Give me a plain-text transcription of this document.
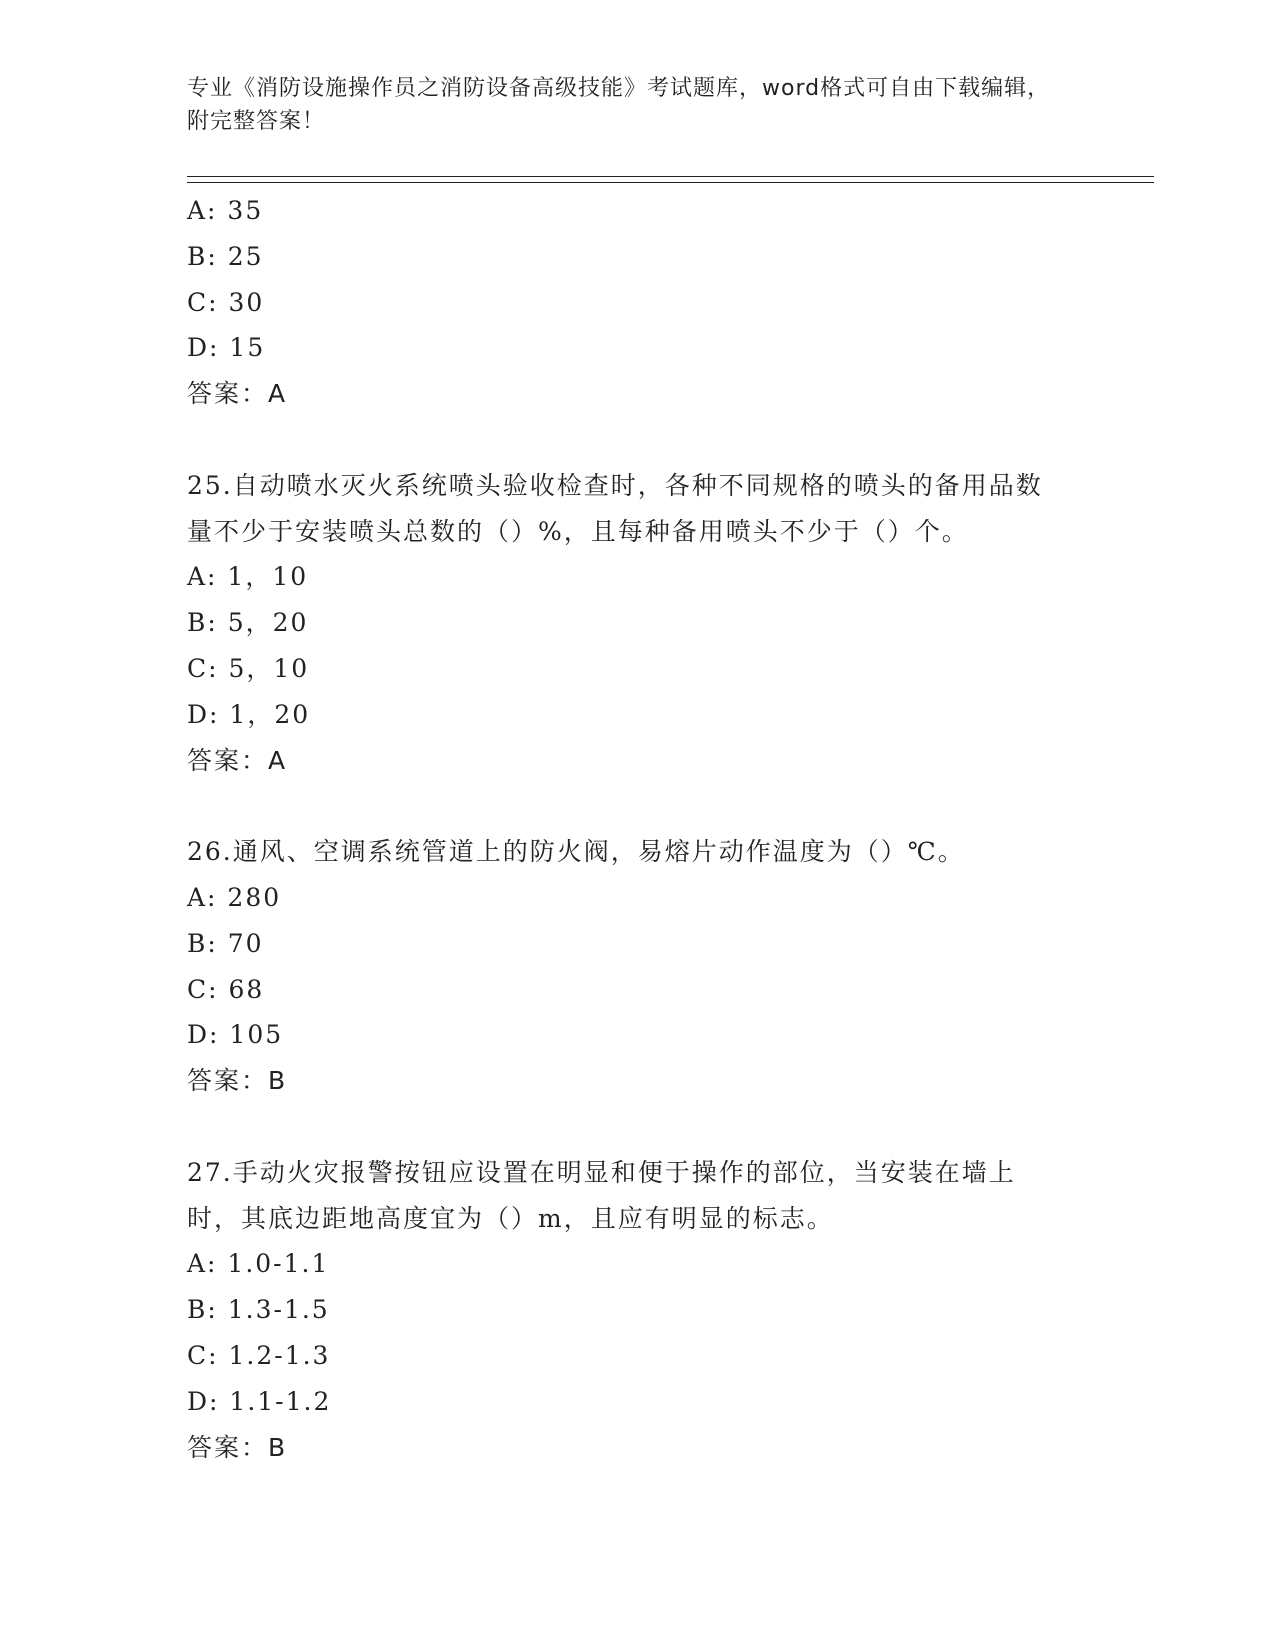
专业《消防设施操作员之消防设备高级技能》考试题库，word格式可自由下载编辑，附完整答案！
A: 35
B: 25
C: 30
D: 15
答案：A
25.自动喷水灭火系统喷头验收检查时，各种不同规格的喷头的备用品数量不少于安装喷头总数的（）%，且每种备用喷头不少于（）个。
A: 1，10
B: 5，20
C: 5，10
D: 1，20
答案：A
26.通风、空调系统管道上的防火阀，易熔片动作温度为（）℃。
A: 280
B: 70
C: 68
D: 105
答案：B
27.手动火灾报警按钮应设置在明显和便于操作的部位，当安装在墙上时，其底边距地高度宜为（）m，且应有明显的标志。
A: 1.0-1.1
B: 1.3-1.5
C: 1.2-1.3
D: 1.1-1.2
答案：B
